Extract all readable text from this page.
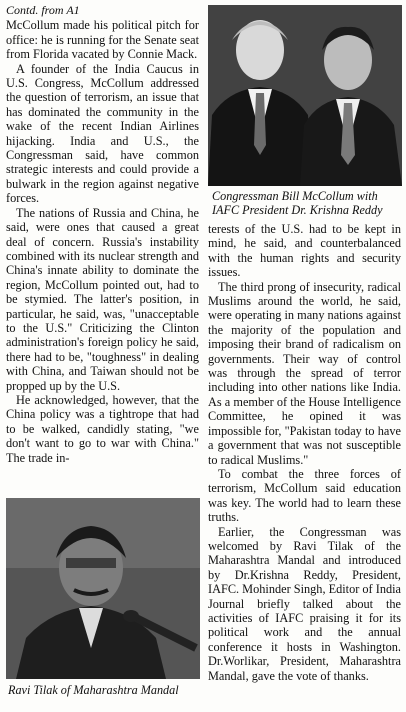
Contd. from A1

McCollum made his political pitch for office: he is running for the Senate seat from Florida vacated by Connie Mack.

A founder of the India Caucus in U.S. Congress, McCollum addressed the question of terrorism, an issue that has dominated the community in the wake of the recent Indian Airlines hijacking. India and U.S., the Congressman said, have common strategic interests and could provide a bulwark in the region against negative forces.

The nations of Russia and China, he said, were ones that caused a great deal of concern. Russia's instability combined with its nuclear strength and China's innate ability to dominate the region, McCollum pointed out, had to be stymied. The latter's position, in particular, he said, was, "unacceptable to the U.S." Criticizing the Clinton administration's foreign policy he said, there had to be, "toughness" in dealing with China, and Taiwan should not be propped up by the U.S.

He acknowledged, however, that the China policy was a tightrope that had to be walked, candidly stating, "we don't want to go to war with China." The trade in-

Congressman Bill McCollum with IAFC President Dr. Krishna Reddy

terests of the U.S. had to be kept in mind, he said, and counterbalanced with the human rights and security issues.

The third prong of insecurity, radical Muslims around the world, he said, were operating in many nations against the majority of the population and imposing their brand of radicalism on governments. Their way of control was through the spread of terror including into other nations like India. As a member of the House Intelligence Committee, he opined it was impossible for, "Pakistan today to have a government that was not susceptible to radical Muslims."

To combat the three forces of terrorism, McCollum said education was key. The world had to learn these truths.

Earlier, the Congressman was welcomed by Ravi Tilak of the Maharashtra Mandal and introduced by Dr.Krishna Reddy, President, IAFC. Mohinder Singh, Editor of India Journal briefly talked about the activities of IAFC praising it for its political work and the annual conference it hosts in Washington. Dr.Worlikar, President, Maharashtra Mandal, gave the vote of thanks.

Ravi Tilak of Maharashtra Mandal
